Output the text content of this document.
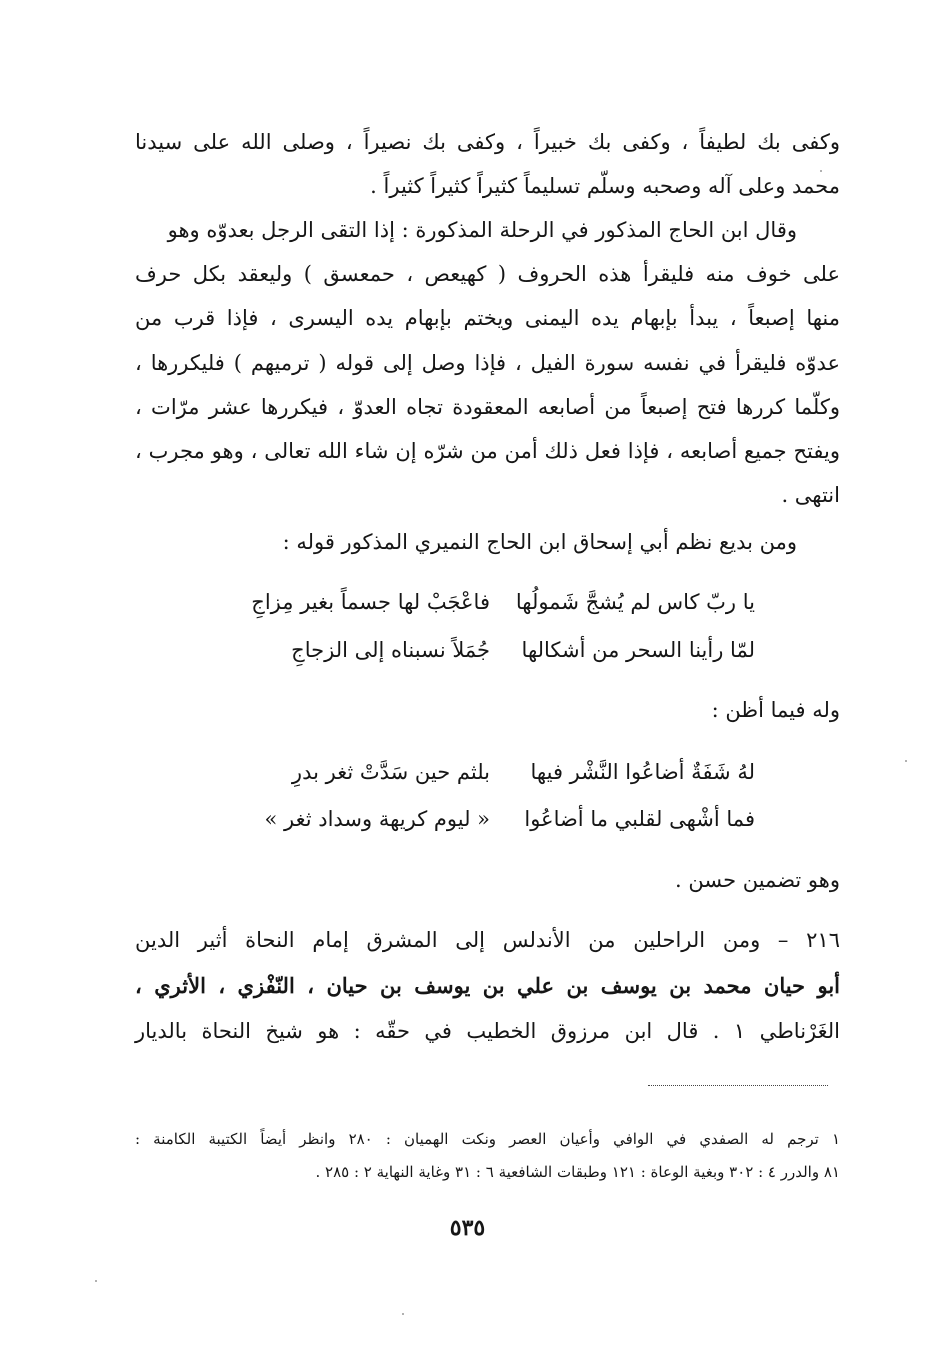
وكفى بك لطيفاً ، وكفى بك خبيراً ، وكفى بك نصيراً ، وصلى الله على سيدنا
محمد وعلى آله وصحبه وسلّم تسليماً كثيراً كثيراً كثيراً .
وقال ابن الحاج المذكور في الرحلة المذكورة : إذا التقى الرجل بعدوّه وهو
على خوف منه فليقرأ هذه الحروف ( كهيعص ، حمعسق ) وليعقد بكل حرف
منها إصبعاً ، يبدأ بإبهام يده اليمنى ويختم بإبهام يده اليسرى ، فإذا قرب من
عدوّه فليقرأ في نفسه سورة الفيل ، فإذا وصل إلى قوله ( ترميهم ) فليكررها ،
وكلّما كررها فتح إصبعاً من أصابعه المعقودة تجاه العدوّ ، فيكررها عشر مرّات ،
ويفتح جميع أصابعه ، فإذا فعل ذلك أمن من شرّه إن شاء الله تعالى ، وهو مجرب ،
انتهى .
ومن بديع نظم أبي إسحاق ابن الحاج النميري المذكور قوله :
يا ربّ كاس لم يُشجَّ شَمولُها
فاعْجَبْ لها جسماً بغير مِزاجِ
لمّا رأينا السحر من أشكالها
جُمَلاً نسبناه إلى الزجاجِ
وله فيما أظن :
لهُ شَفَةٌ أضاعُوا النَّشْر فيها
بلثم حين سَدَّتْ ثغر بدرِ
فما أشْهى لقلبي ما أضاعُوا
« ليوم كريهة وسداد ثغر »
وهو تضمين حسن .
٢١٦ – ومن الراحلين من الأندلس إلى المشرق إمام النحاة أثير الدين
أبو حيان محمد بن يوسف بن علي بن يوسف بن حيان ، النّفْزي ، الأثري ،
الغَرْناطي ١ . قال ابن مرزوق الخطيب في حقّه : هو شيخ النحاة بالديار
١ ترجم له الصفدي في الوافي وأعيان العصر ونكت الهميان : ٢٨٠ وانظر أيضاً الكتيبة الكامنة :
٨١ والدرر ٤ : ٣٠٢ وبغية الوعاة : ١٢١ وطبقات الشافعية ٦ : ٣١ وغاية النهاية ٢ : ٢٨٥ .
٥٣٥
